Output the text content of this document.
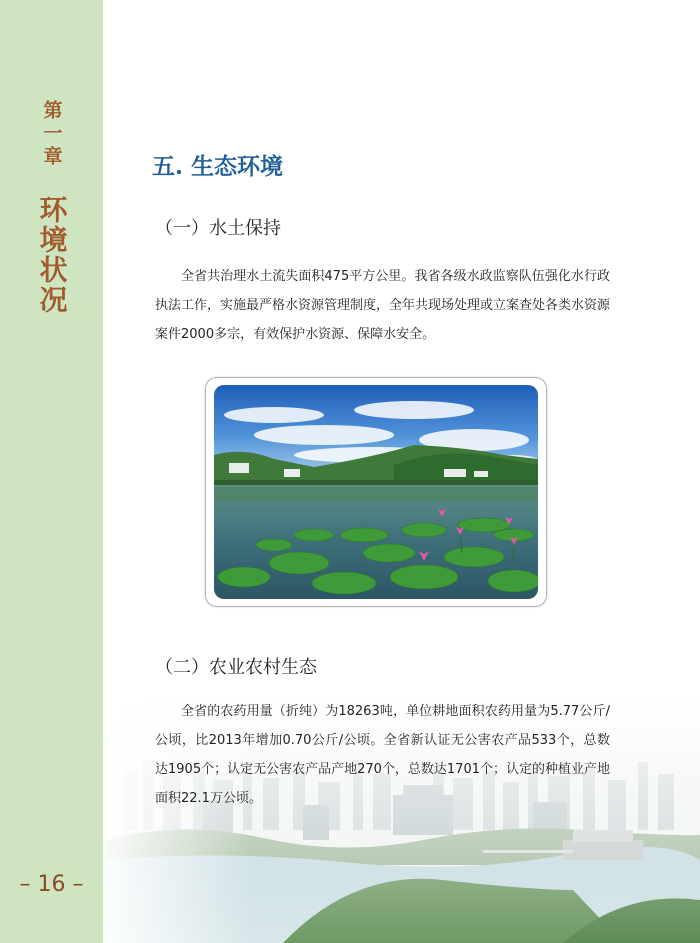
第一章
环境状况
– 16 –
五. 生态环境
（一）水土保持

全省共治理水土流失面积475平方公里。我省各级水政监察队伍强化水行政执法工作，实施最严格水资源管理制度，全年共现场处理或立案查处各类水资源案件2000多宗，有效保护水资源、保障水安全。

（二）农业农村生态

全省的农药用量（折纯）为18263吨，单位耕地面积农药用量为5.77公斤/公顷，比2013年增加0.70公斤/公顷。全省新认证无公害农产品533个，总数达1905个；认定无公害农产品产地270个，总数达1701个；认定的种植业产地面积22.1万公顷。
